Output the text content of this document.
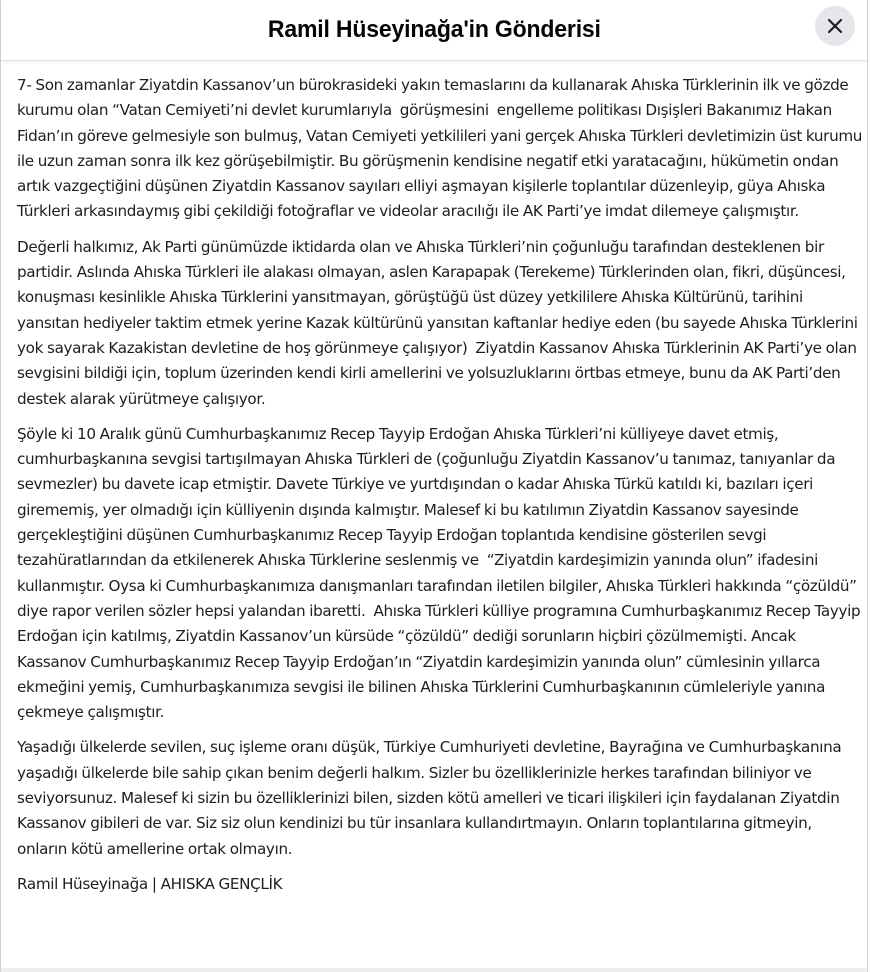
Ramil Hüseyinağa'in Gönderisi

7- Son zamanlar Ziyatdin Kassanov’un bürokrasideki yakın temaslarını da kullanarak Ahıska Türklerinin ilk ve gözde kurumu olan “Vatan Cemiyeti’ni devlet kurumlarıyla  görüşmesini  engelleme politikası Dışişleri Bakanımız Hakan Fidan’ın göreve gelmesiyle son bulmuş, Vatan Cemiyeti yetkilileri yani gerçek Ahıska Türkleri devletimizin üst kurumu ile uzun zaman sonra ilk kez görüşebilmiştir. Bu görüşmenin kendisine negatif etki yaratacağını, hükümetin ondan artık vazgeçtiğini düşünen Ziyatdin Kassanov sayıları elliyi aşmayan kişilerle toplantılar düzenleyip, güya Ahıska Türkleri arkasındaymış gibi çekildiği fotoğraflar ve videolar aracılığı ile AK Parti’ye imdat dilemeye çalışmıştır.

Değerli halkımız, Ak Parti günümüzde iktidarda olan ve Ahıska Türkleri’nin çoğunluğu tarafından desteklenen bir partidir. Aslında Ahıska Türkleri ile alakası olmayan, aslen Karapapak (Terekeme) Türklerinden olan, fikri, düşüncesi, konuşması kesinlikle Ahıska Türklerini yansıtmayan, görüştüğü üst düzey yetkililere Ahıska Kültürünü, tarihini yansıtan hediyeler taktim etmek yerine Kazak kültürünü yansıtan kaftanlar hediye eden (bu sayede Ahıska Türklerini yok sayarak Kazakistan devletine de hoş görünmeye çalışıyor)  Ziyatdin Kassanov Ahıska Türklerinin AK Parti’ye olan sevgisini bildiği için, toplum üzerinden kendi kirli amellerini ve yolsuzluklarını örtbas etmeye, bunu da AK Parti’den destek alarak yürütmeye çalışıyor.

Şöyle ki 10 Aralık günü Cumhurbaşkanımız Recep Tayyip Erdoğan Ahıska Türkleri’ni külliyeye davet etmiş, cumhurbaşkanına sevgisi tartışılmayan Ahıska Türkleri de (çoğunluğu Ziyatdin Kassanov’u tanımaz, tanıyanlar da sevmezler) bu davete icap etmiştir. Davete Türkiye ve yurtdışından o kadar Ahıska Türkü katıldı ki, bazıları içeri girememiş, yer olmadığı için külliyenin dışında kalmıştır. Malesef ki bu katılımın Ziyatdin Kassanov sayesinde gerçekleştiğini düşünen Cumhurbaşkanımız Recep Tayyip Erdoğan toplantıda kendisine gösterilen sevgi tezahüratlarından da etkilenerek Ahıska Türklerine seslenmiş ve  “Ziyatdin kardeşimizin yanında olun” ifadesini kullanmıştır. Oysa ki Cumhurbaşkanımıza danışmanları tarafından iletilen bilgiler, Ahıska Türkleri hakkında “çözüldü” diye rapor verilen sözler hepsi yalandan ibaretti.  Ahıska Türkleri külliye programına Cumhurbaşkanımız Recep Tayyip Erdoğan için katılmış, Ziyatdin Kassanov’un kürsüde “çözüldü” dediği sorunların hiçbiri çözülmemişti. Ancak Kassanov Cumhurbaşkanımız Recep Tayyip Erdoğan’ın “Ziyatdin kardeşimizin yanında olun” cümlesinin yıllarca ekmeğini yemiş, Cumhurbaşkanımıza sevgisi ile bilinen Ahıska Türklerini Cumhurbaşkanının cümleleriyle yanına çekmeye çalışmıştır.

Yaşadığı ülkelerde sevilen, suç işleme oranı düşük, Türkiye Cumhuriyeti devletine, Bayrağına ve Cumhurbaşkanına yaşadığı ülkelerde bile sahip çıkan benim değerli halkım. Sizler bu özelliklerinizle herkes tarafından biliniyor ve seviyorsunuz. Malesef ki sizin bu özelliklerinizi bilen, sizden kötü amelleri ve ticari ilişkileri için faydalanan Ziyatdin Kassanov gibileri de var. Siz siz olun kendinizi bu tür insanlara kullandırtmayın. Onların toplantılarına gitmeyin, onların kötü amellerine ortak olmayın.

Ramil Hüseyinağa | AHISKA GENÇLİK
